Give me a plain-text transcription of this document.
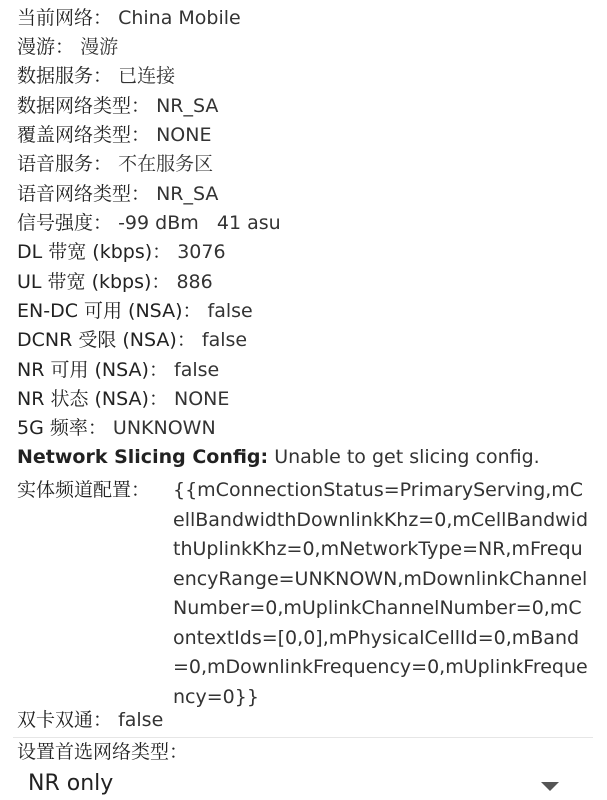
当前网络： China Mobile
漫游： 漫游
数据服务： 已连接
数据网络类型： NR_SA
覆盖网络类型： NONE
语音服务： 不在服务区
语音网络类型： NR_SA
信号强度： -99 dBm   41 asu
DL 带宽 (kbps)： 3076
UL 带宽 (kbps)： 886
EN-DC 可用 (NSA)： false
DCNR 受限 (NSA)： false
NR 可用 (NSA)： false
NR 状态 (NSA)： NONE
5G 频率： UNKNOWN
Network Slicing Config: Unable to get slicing config.
实体频道配置： {{mConnectionStatus=PrimaryServing,mCellBandwidthDownlinkKhz=0,mCellBandwidthUplinkKhz=0,mNetworkType=NR,mFrequencyRange=UNKNOWN,mDownlinkChannelNumber=0,mUplinkChannelNumber=0,mContextIds=[0,0],mPhysicalCellId=0,mBand=0,mDownlinkFrequency=0,mUplinkFrequency=0}}
双卡双通： false
设置首选网络类型：
NR only
